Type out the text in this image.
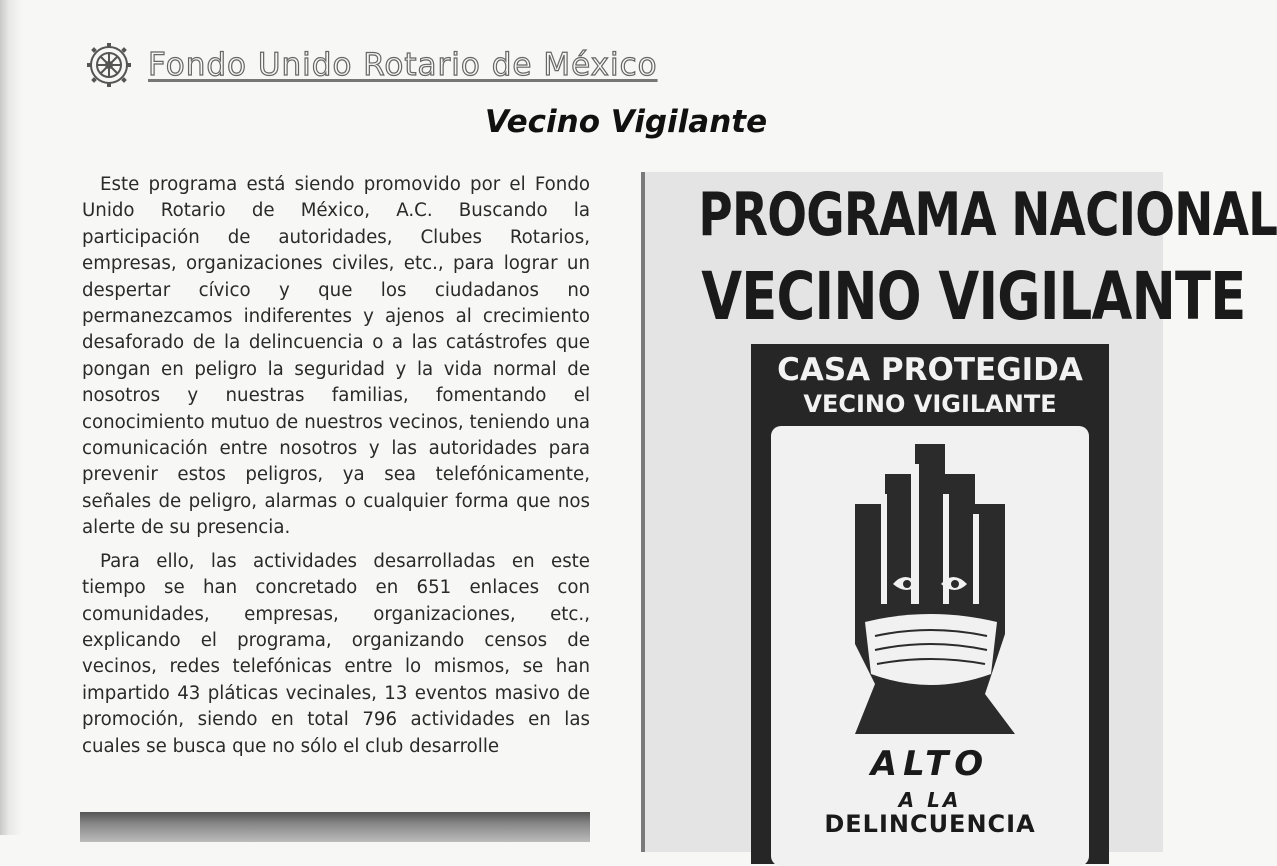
Fondo Unido Rotario de México
Vecino Vigilante

Este programa está siendo promovido por el Fondo Unido Rotario de México, A.C. Buscando la participación de autoridades, Clubes Rotarios, empresas, organizaciones civiles, etc., para lograr un despertar cívico y que los ciudadanos no permanezcamos indiferentes y ajenos al crecimiento desaforado de la delincuencia o a las catástrofes que pongan en peligro la seguridad y la vida normal de nosotros y nuestras familias, fomentando el conocimiento mutuo de nuestros vecinos, teniendo una comunicación entre nosotros y las autoridades para prevenir estos peligros, ya sea telefónicamente, señales de peligro, alarmas o cualquier forma que nos alerte de su presencia.

Para ello, las actividades desarrolladas en este tiempo se han concretado en 651 enlaces con comunidades, empresas, organizaciones, etc., explicando el programa, organizando censos de vecinos, redes telefónicas entre lo mismos, se han impartido 43 pláticas vecinales, 13 eventos masivo de promoción, siendo en total 796 actividades en las cuales se busca que no sólo el club desarrolle

PROGRAMA NACIONAL
VECINO VIGILANTE
CASA PROTEGIDA
VECINO VIGILANTE
ALTO
A LA
DELINCUENCIA
